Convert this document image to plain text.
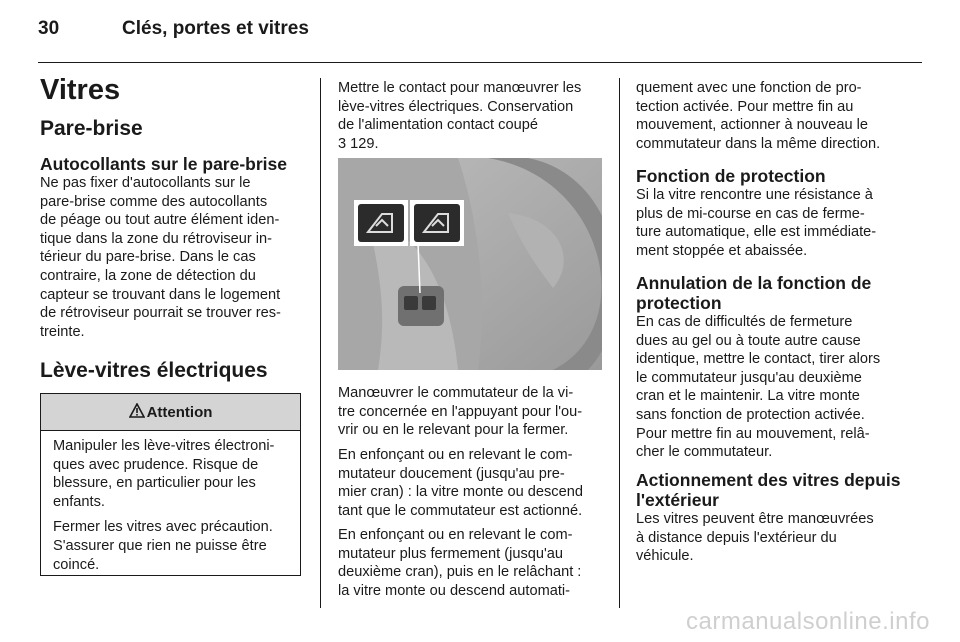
30	Clés, portes et vitres
Vitres
Pare-brise
Autocollants sur le pare-brise
Ne pas fixer d'autocollants sur le
pare-brise comme des autocollants
de péage ou tout autre élément iden-
tique dans la zone du rétroviseur in-
térieur du pare-brise. Dans le cas
contraire, la zone de détection du
capteur se trouvant dans le logement
de rétroviseur pourrait se trouver res-
treinte.
Lève-vitres électriques
Attention

Manipuler les lève-vitres électroni-
ques avec prudence. Risque de
blessure, en particulier pour les
enfants.

Fermer les vitres avec précaution.
S'assurer que rien ne puisse être
coincé.

Mettre le contact pour manœuvrer les
lève-vitres électriques. Conservation
de l'alimentation contact coupé
3 129.
Manœuvrer le commutateur de la vi-
tre concernée en l'appuyant pour l'ou-
vrir ou en le relevant pour la fermer.
En enfonçant ou en relevant le com-
mutateur doucement (jusqu'au pre-
mier cran) : la vitre monte ou descend
tant que le commutateur est actionné.
En enfonçant ou en relevant le com-
mutateur plus fermement (jusqu'au
deuxième cran), puis en le relâchant :
la vitre monte ou descend automati-
quement avec une fonction de pro-
tection activée. Pour mettre fin au
mouvement, actionner à nouveau le
commutateur dans la même direction.
Fonction de protection
Si la vitre rencontre une résistance à
plus de mi-course en cas de ferme-
ture automatique, elle est immédiate-
ment stoppée et abaissée.
Annulation de la fonction de
protection
En cas de difficultés de fermeture
dues au gel ou à toute autre cause
identique, mettre le contact, tirer alors
le commutateur jusqu'au deuxième
cran et le maintenir. La vitre monte
sans fonction de protection activée.
Pour mettre fin au mouvement, relâ-
cher le commutateur.
Actionnement des vitres depuis
l'extérieur
Les vitres peuvent être manœuvrées
à distance depuis l'extérieur du
véhicule.
carmanualsonline.info
